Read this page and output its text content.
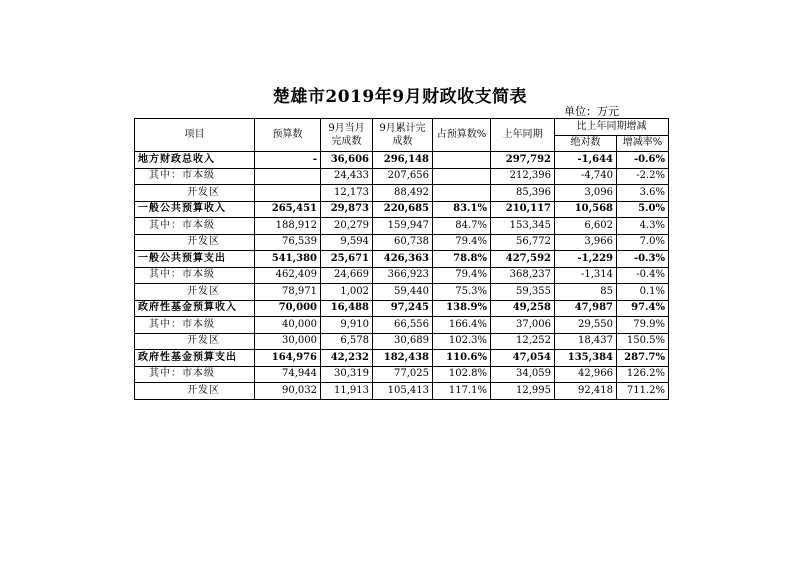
楚雄市2019年9月财政收支简表
单位：万元
项目	预算数	9月当月完成数	9月累计完成数	占预算数%	上年同期	比上年同期增减	
						绝对数	增减率%
地方财政总收入	-	36,606	296,148		297,792	-1,644	-0.6%
其中：市本级		24,433	207,656		212,396	-4,740	-2.2%
开发区		12,173	88,492		85,396	3,096	3.6%
一般公共预算收入	265,451	29,873	220,685	83.1%	210,117	10,568	5.0%
其中：市本级	188,912	20,279	159,947	84.7%	153,345	6,602	4.3%
开发区	76,539	9,594	60,738	79.4%	56,772	3,966	7.0%
一般公共预算支出	541,380	25,671	426,363	78.8%	427,592	-1,229	-0.3%
其中：市本级	462,409	24,669	366,923	79.4%	368,237	-1,314	-0.4%
开发区	78,971	1,002	59,440	75.3%	59,355	85	0.1%
政府性基金预算收入	70,000	16,488	97,245	138.9%	49,258	47,987	97.4%
其中：市本级	40,000	9,910	66,556	166.4%	37,006	29,550	79.9%
开发区	30,000	6,578	30,689	102.3%	12,252	18,437	150.5%
政府性基金预算支出	164,976	42,232	182,438	110.6%	47,054	135,384	287.7%
其中：市本级	74,944	30,319	77,025	102.8%	34,059	42,966	126.2%
开发区	90,032	11,913	105,413	117.1%	12,995	92,418	711.2%
